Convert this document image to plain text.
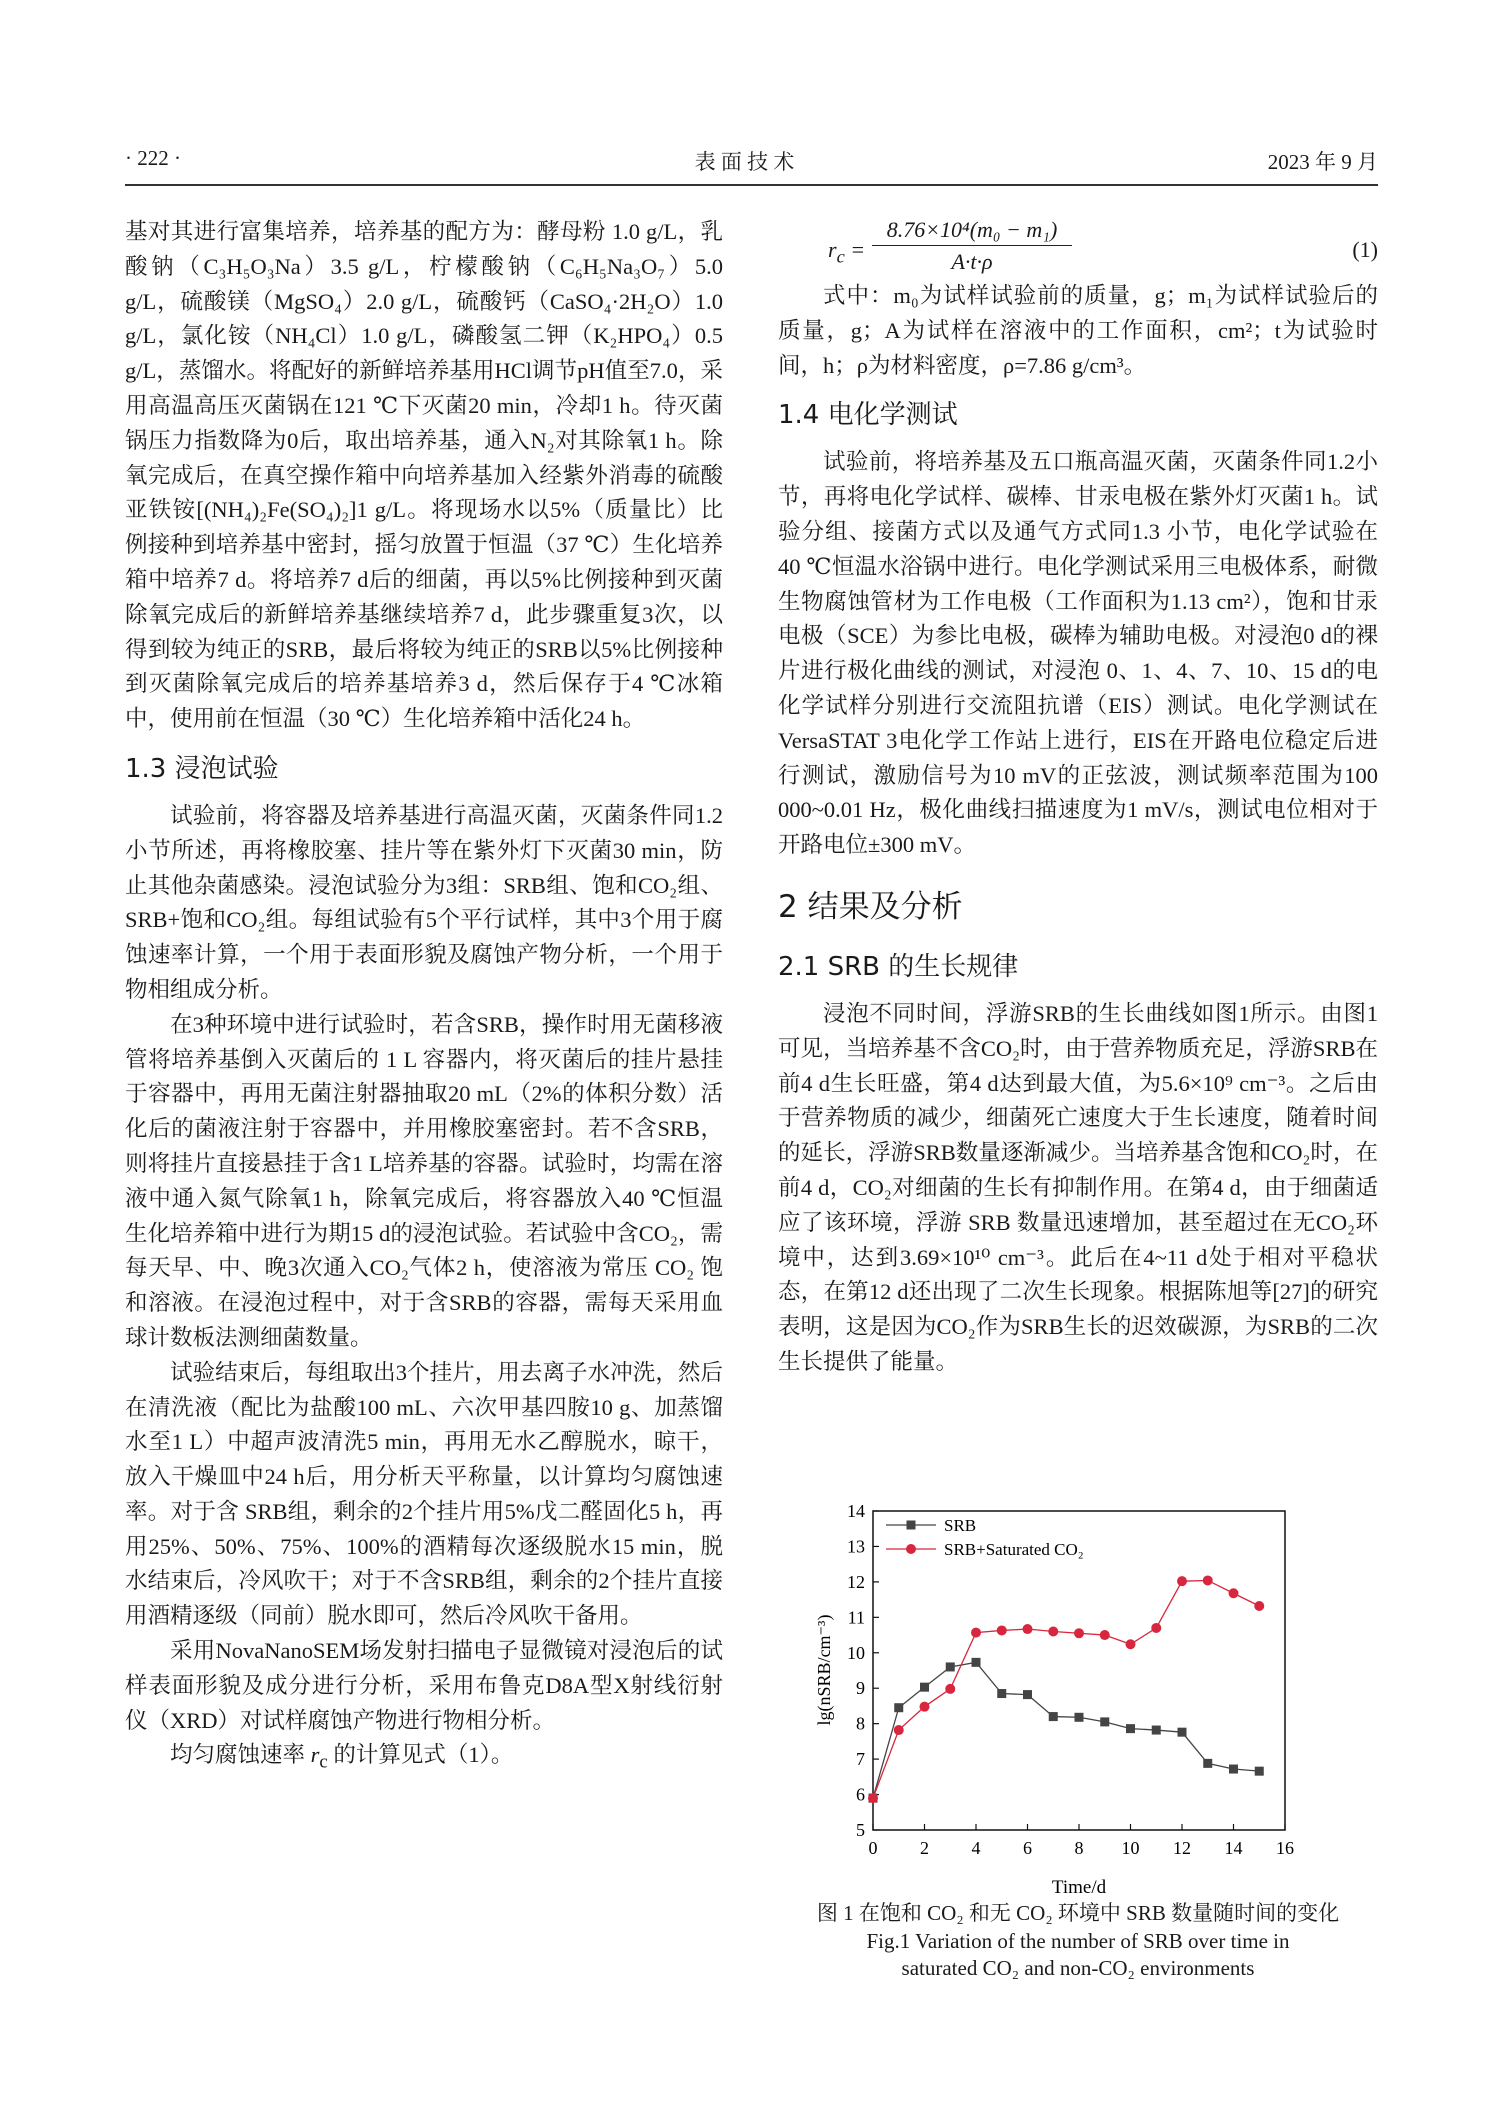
· 222 ·	表 面 技 术	2023 年 9 月

基对其进行富集培养，培养基的配方为：酵母粉 1.0 g/L，乳酸钠（C₃H₅O₃Na）3.5 g/L，柠檬酸钠（C₆H₅Na₃O₇）5.0 g/L，硫酸镁（MgSO₄）2.0 g/L，硫酸钙（CaSO₄·2H₂O）1.0 g/L，氯化铵（NH₄Cl）1.0 g/L，磷酸氢二钾（K₂HPO₄）0.5 g/L，蒸馏水。将配好的新鲜培养基用HCl调节pH值至7.0，采用高温高压灭菌锅在121 ℃下灭菌20 min，冷却1 h。待灭菌锅压力指数降为0后，取出培养基，通入N₂对其除氧1 h。除氧完成后，在真空操作箱中向培养基加入经紫外消毒的硫酸亚铁铵[(NH₄)₂Fe(SO₄)₂]1 g/L。将现场水以5%（质量比）比例接种到培养基中密封，摇匀放置于恒温（37 ℃）生化培养箱中培养7 d。将培养7 d后的细菌，再以5%比例接种到灭菌除氧完成后的新鲜培养基继续培养7 d，此步骤重复3次，以得到较为纯正的SRB，最后将较为纯正的SRB以5%比例接种到灭菌除氧完成后的培养基培养3 d，然后保存于4 ℃冰箱中，使用前在恒温（30 ℃）生化培养箱中活化24 h。

1.3 浸泡试验

试验前，将容器及培养基进行高温灭菌，灭菌条件同1.2小节所述，再将橡胶塞、挂片等在紫外灯下灭菌30 min，防止其他杂菌感染。浸泡试验分为3组：SRB组、饱和CO₂组、SRB+饱和CO₂组。每组试验有5个平行试样，其中3个用于腐蚀速率计算，一个用于表面形貌及腐蚀产物分析，一个用于物相组成分析。

在3种环境中进行试验时，若含SRB，操作时用无菌移液管将培养基倒入灭菌后的 1 L 容器内，将灭菌后的挂片悬挂于容器中，再用无菌注射器抽取20 mL（2%的体积分数）活化后的菌液注射于容器中，并用橡胶塞密封。若不含SRB，则将挂片直接悬挂于含1 L培养基的容器。试验时，均需在溶液中通入氮气除氧1 h，除氧完成后，将容器放入40 ℃恒温生化培养箱中进行为期15 d的浸泡试验。若试验中含CO₂，需每天早、中、晚3次通入CO₂气体2 h，使溶液为常压 CO₂ 饱和溶液。在浸泡过程中，对于含SRB的容器，需每天采用血球计数板法测细菌数量。

试验结束后，每组取出3个挂片，用去离子水冲洗，然后在清洗液（配比为盐酸100 mL、六次甲基四胺10 g、加蒸馏水至1 L）中超声波清洗5 min，再用无水乙醇脱水，晾干，放入干燥皿中24 h后，用分析天平称量，以计算均匀腐蚀速率。对于含 SRB组，剩余的2个挂片用5%戊二醛固化5 h，再用25%、50%、75%、100%的酒精每次逐级脱水15 min，脱水结束后，冷风吹干；对于不含SRB组，剩余的2个挂片直接用酒精逐级（同前）脱水即可，然后冷风吹干备用。

采用NovaNanoSEM场发射扫描电子显微镜对浸泡后的试样表面形貌及成分进行分析，采用布鲁克D8A型X射线衍射仪（XRD）对试样腐蚀产物进行物相分析。

均匀腐蚀速率 $r_c$ 的计算见式（1）。

$r_c = \frac{\text{8.76×10⁴(m₀ − m₁)}}{A\cdot t\cdot\rho}$	(1)

式中：m₀为试样试验前的质量，g；m₁为试样试验后的质量，g；A为试样在溶液中的工作面积，cm²；t为试验时间，h；ρ为材料密度，ρ=7.86 g/cm³。

1.4 电化学测试

试验前，将培养基及五口瓶高温灭菌，灭菌条件同1.2小节，再将电化学试样、碳棒、甘汞电极在紫外灯灭菌1 h。试验分组、接菌方式以及通气方式同1.3 小节，电化学试验在 40 ℃恒温水浴锅中进行。电化学测试采用三电极体系，耐微生物腐蚀管材为工作电极（工作面积为1.13 cm²），饱和甘汞电极（SCE）为参比电极，碳棒为辅助电极。对浸泡0 d的裸片进行极化曲线的测试，对浸泡 0、1、4、7、10、15 d的电化学试样分别进行交流阻抗谱（EIS）测试。电化学测试在VersaSTAT 3电化学工作站上进行，EIS在开路电位稳定后进行测试，激励信号为10 mV的正弦波，测试频率范围为100 000~0.01 Hz，极化曲线扫描速度为1 mV/s，测试电位相对于开路电位±300 mV。

2 结果及分析
2.1 SRB 的生长规律

浸泡不同时间，浮游SRB的生长曲线如图1所示。由图1可见，当培养基不含CO₂时，由于营养物质充足，浮游SRB在前4 d生长旺盛，第4 d达到最大值，为5.6×10⁹ cm⁻³。之后由于营养物质的减少，细菌死亡速度大于生长速度，随着时间的延长，浮游SRB数量逐渐减少。当培养基含饱和CO₂时，在前4 d，CO₂对细菌的生长有抑制作用。在第4 d，由于细菌适应了该环境，浮游 SRB 数量迅速增加，甚至超过在无CO₂环境中，达到3.69×10¹⁰ cm⁻³。此后在4~11 d处于相对平稳状态，在第12 d还出现了二次生长现象。根据陈旭等[27]的研究表明，这是因为CO₂作为SRB生长的迟效碳源，为SRB的二次生长提供了能量。

0 2 4 6 8 10 12 14 16
5
6
7
8
9
10
11
12
13
14
Time/d
lg(nSRB/cm⁻³)
SRB
SRB+Saturated CO₂
图 1 在饱和 CO₂ 和无 CO₂ 环境中 SRB 数量随时间的变化
Fig.1 Variation of the number of SRB over time in
saturated CO₂ and non-CO₂ environments
